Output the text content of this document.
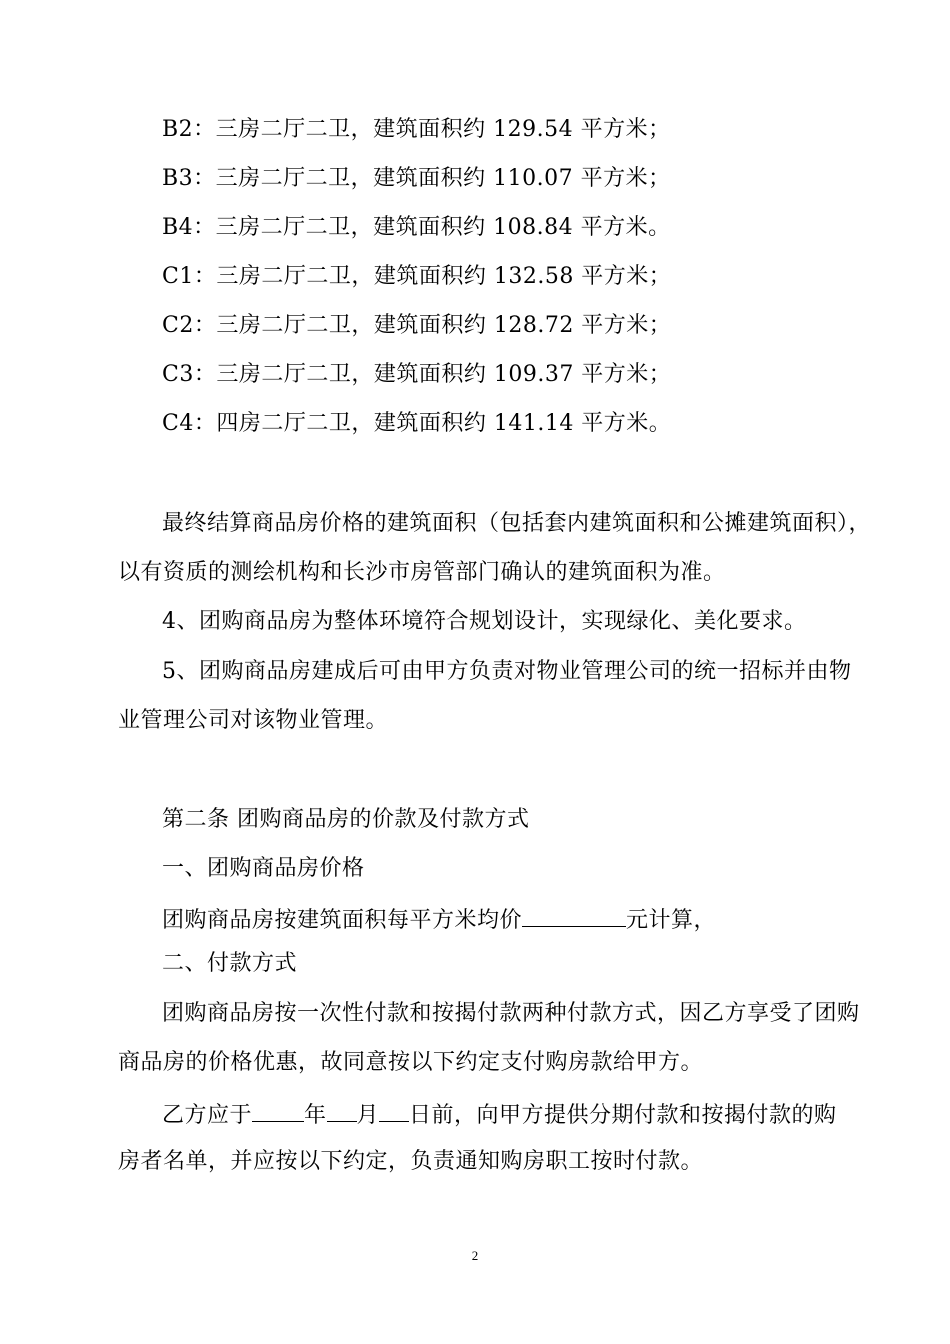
B2：三房二厅二卫，建筑面积约 129.54 平方米；
B3：三房二厅二卫，建筑面积约 110.07 平方米；
B4：三房二厅二卫，建筑面积约 108.84 平方米。
C1：三房二厅二卫，建筑面积约 132.58 平方米；
C2：三房二厅二卫，建筑面积约 128.72 平方米；
C3：三房二厅二卫，建筑面积约 109.37 平方米；
C4：四房二厅二卫，建筑面积约 141.14 平方米。
最终结算商品房价格的建筑面积（包括套内建筑面积和公摊建筑面积），
以有资质的测绘机构和长沙市房管部门确认的建筑面积为准。
4、团购商品房为整体环境符合规划设计，实现绿化、美化要求。
5、团购商品房建成后可由甲方负责对物业管理公司的统一招标并由物
业管理公司对该物业管理。
第二条 团购商品房的价款及付款方式
一、团购商品房价格
团购商品房按建筑面积每平方米均价	元计算，
二、付款方式
团购商品房按一次性付款和按揭付款两种付款方式，因乙方享受了团购
商品房的价格优惠，故同意按以下约定支付购房款给甲方。
乙方应于 年 月 日前，向甲方提供分期付款和按揭付款的购
房者名单，并应按以下约定，负责通知购房职工按时付款。
2
